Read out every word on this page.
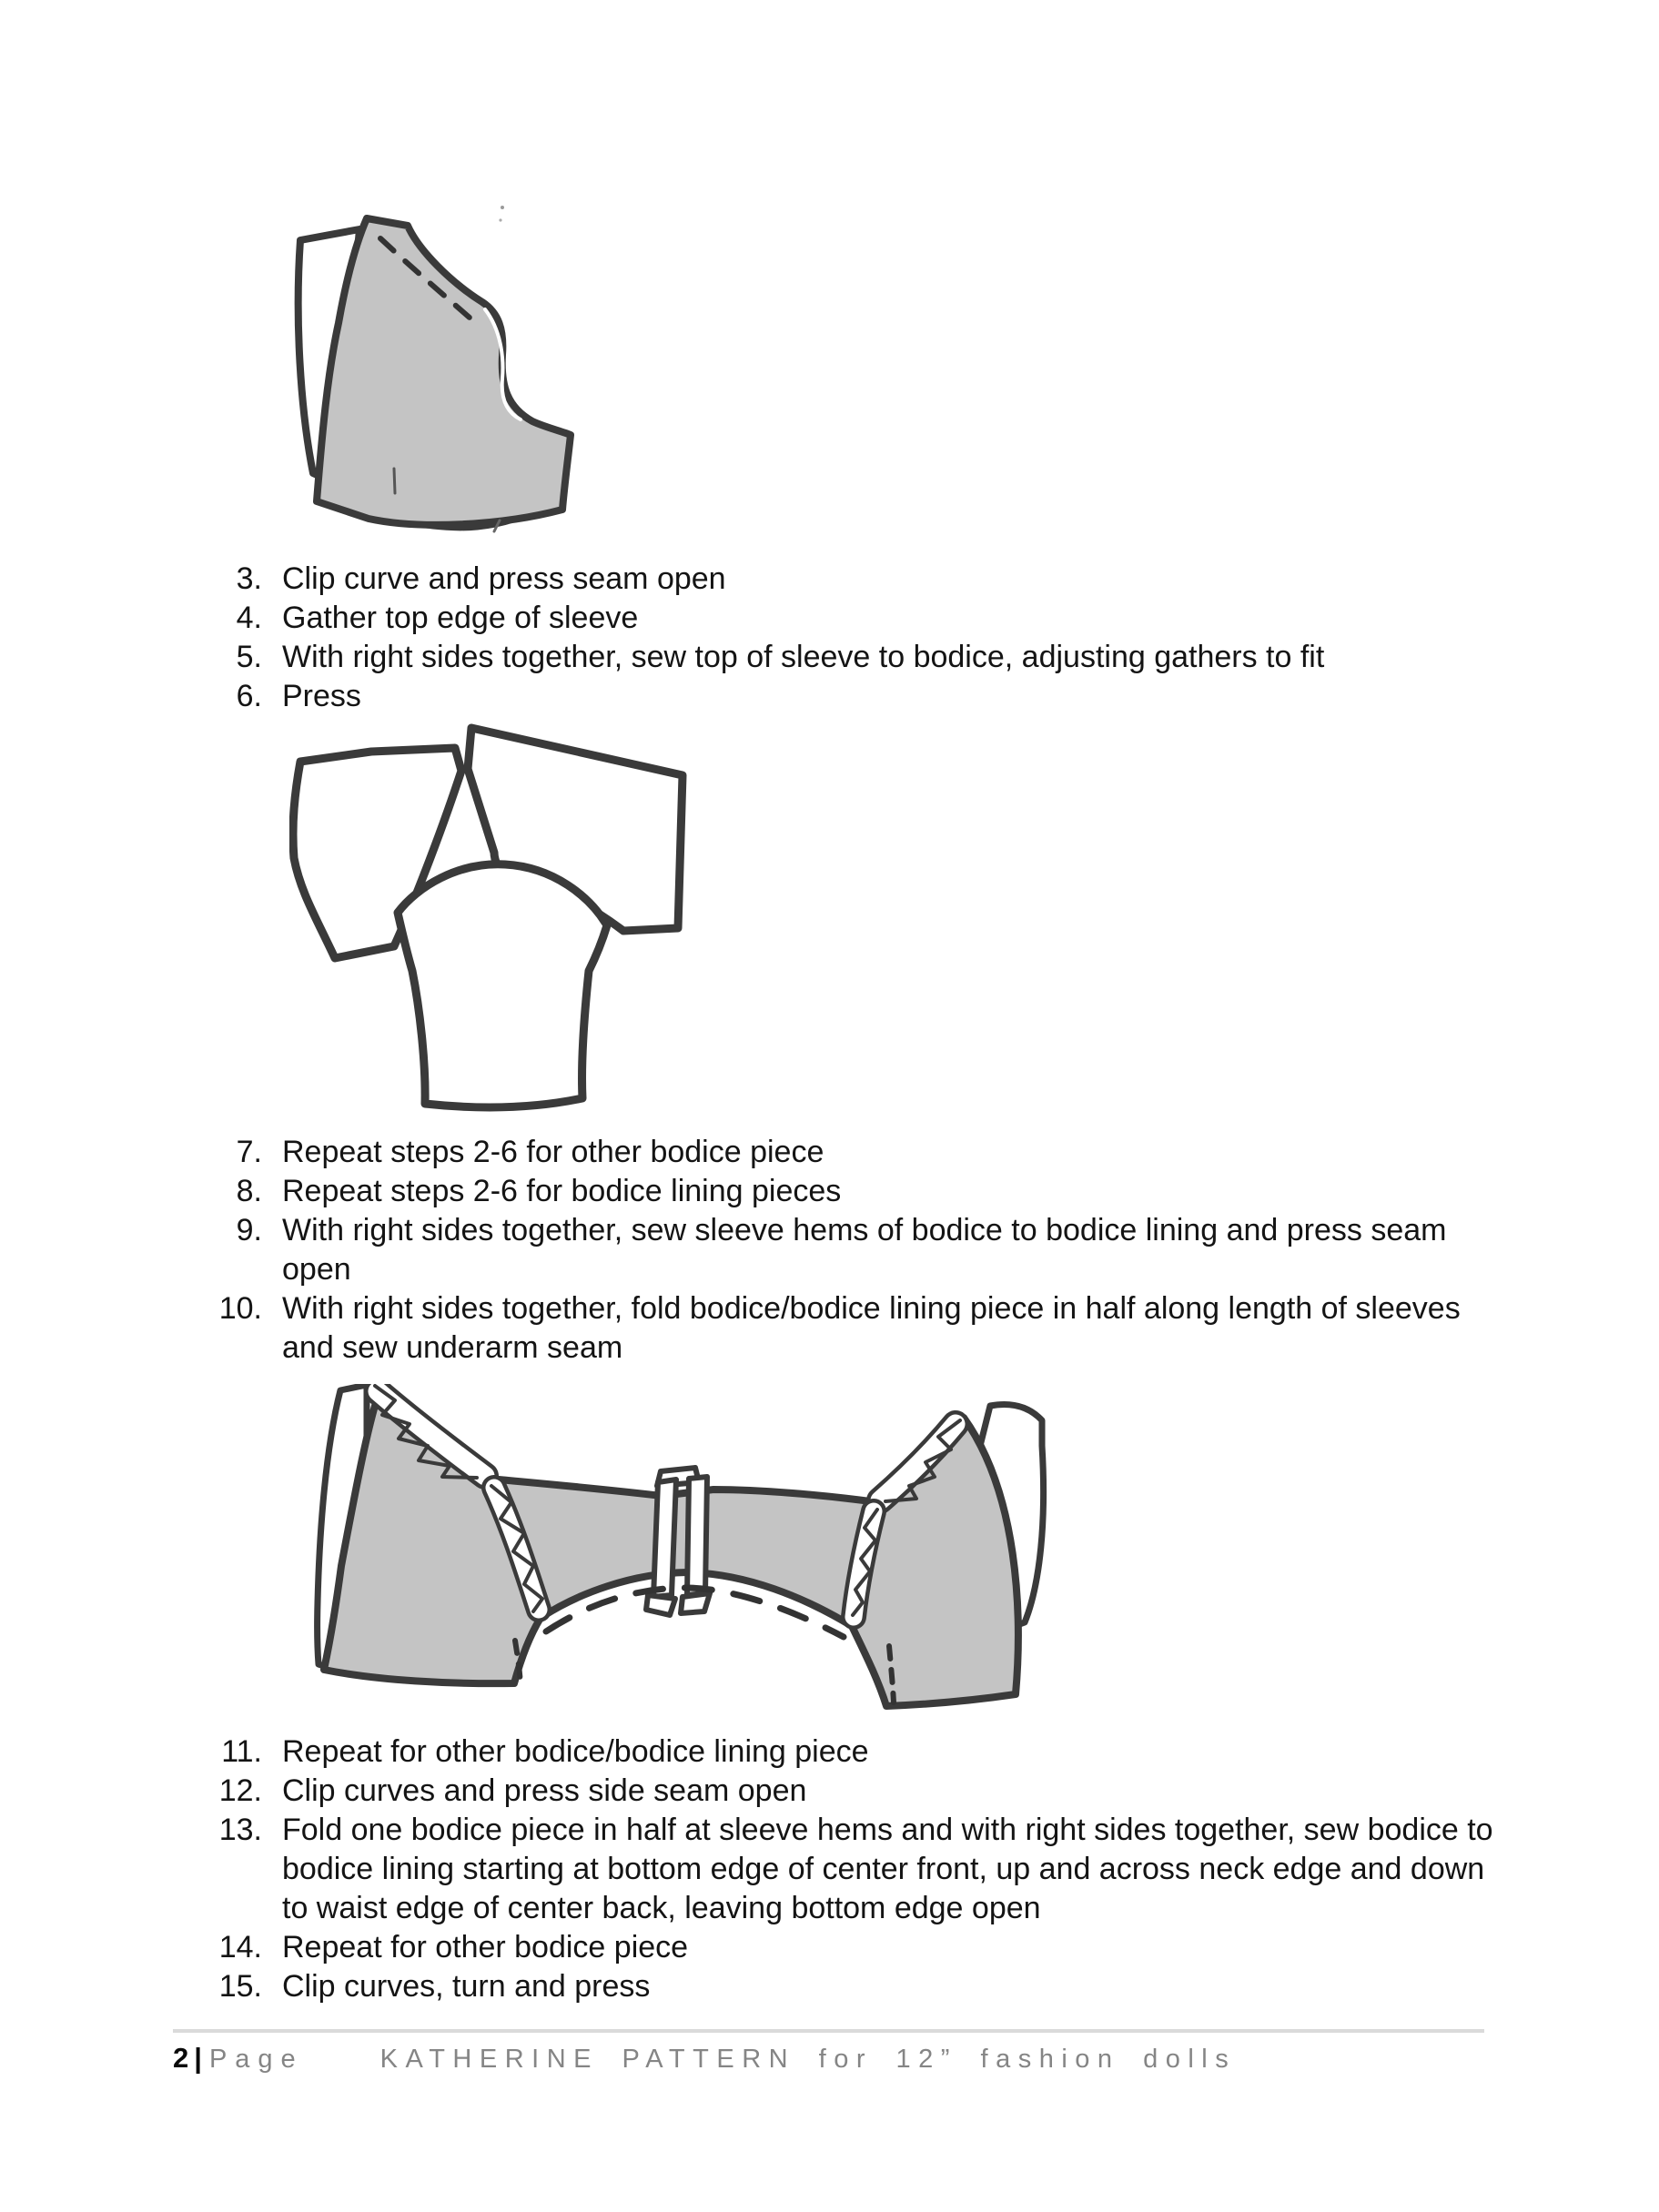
3. Clip curve and press seam open
4. Gather top edge of sleeve
5. With right sides together, sew top of sleeve to bodice, adjusting gathers to fit
6. Press
7. Repeat steps 2-6 for other bodice piece
8. Repeat steps 2-6 for bodice lining pieces
9. With right sides together, sew sleeve hems of bodice to bodice lining and press seam
open
10. With right sides together, fold bodice/bodice lining piece in half along length of sleeves
and sew underarm seam
11. Repeat for other bodice/bodice lining piece
12. Clip curves and press side seam open
13. Fold one bodice piece in half at sleeve hems and with right sides together, sew bodice to
bodice lining starting at bottom edge of center front, up and across neck edge and down
to waist edge of center back, leaving bottom edge open
14. Repeat for other bodice piece
15. Clip curves, turn and press
2 | Page	KATHERINE PATTERN for 12” fashion dolls
